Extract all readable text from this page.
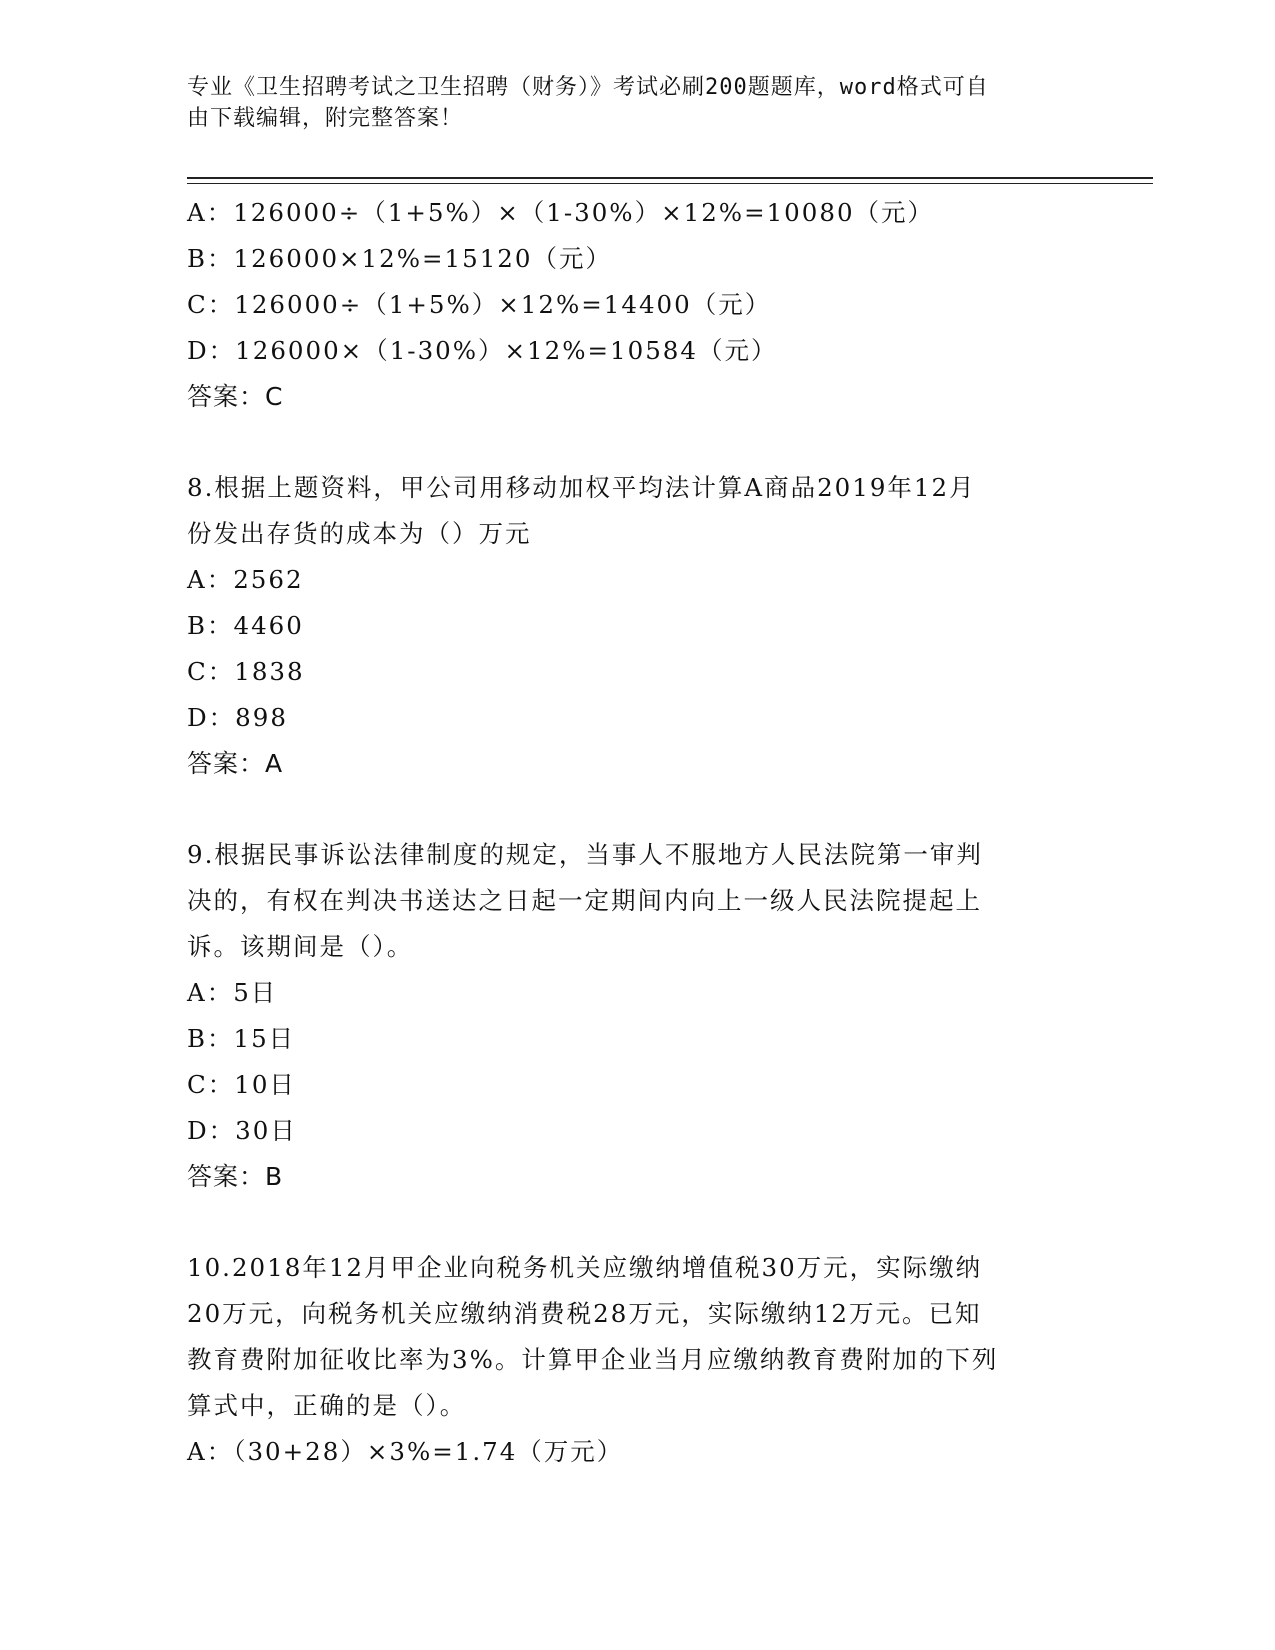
专业《卫生招聘考试之卫生招聘（财务）》考试必刷200题题库，word格式可自
由下载编辑，附完整答案！

A：126000÷（1+5%）×（1-30%）×12%=10080（元）

B：126000×12%=15120（元）

C：126000÷（1+5%）×12%=14400（元）

D：126000×（1-30%）×12%=10584（元）

答案：C

8.根据上题资料，甲公司用移动加权平均法计算A商品2019年12月

份发出存货的成本为（）万元

A：2562

B：4460

C：1838

D：898

答案：A

9.根据民事诉讼法律制度的规定，当事人不服地方人民法院第一审判

决的，有权在判决书送达之日起一定期间内向上一级人民法院提起上

诉。该期间是（）。

A：5日

B：15日

C：10日

D：30日

答案：B

10.2018年12月甲企业向税务机关应缴纳增值税30万元，实际缴纳

20万元，向税务机关应缴纳消费税28万元，实际缴纳12万元。已知

教育费附加征收比率为3%。计算甲企业当月应缴纳教育费附加的下列

算式中，正确的是（）。

A：（30+28）×3%=1.74（万元）
